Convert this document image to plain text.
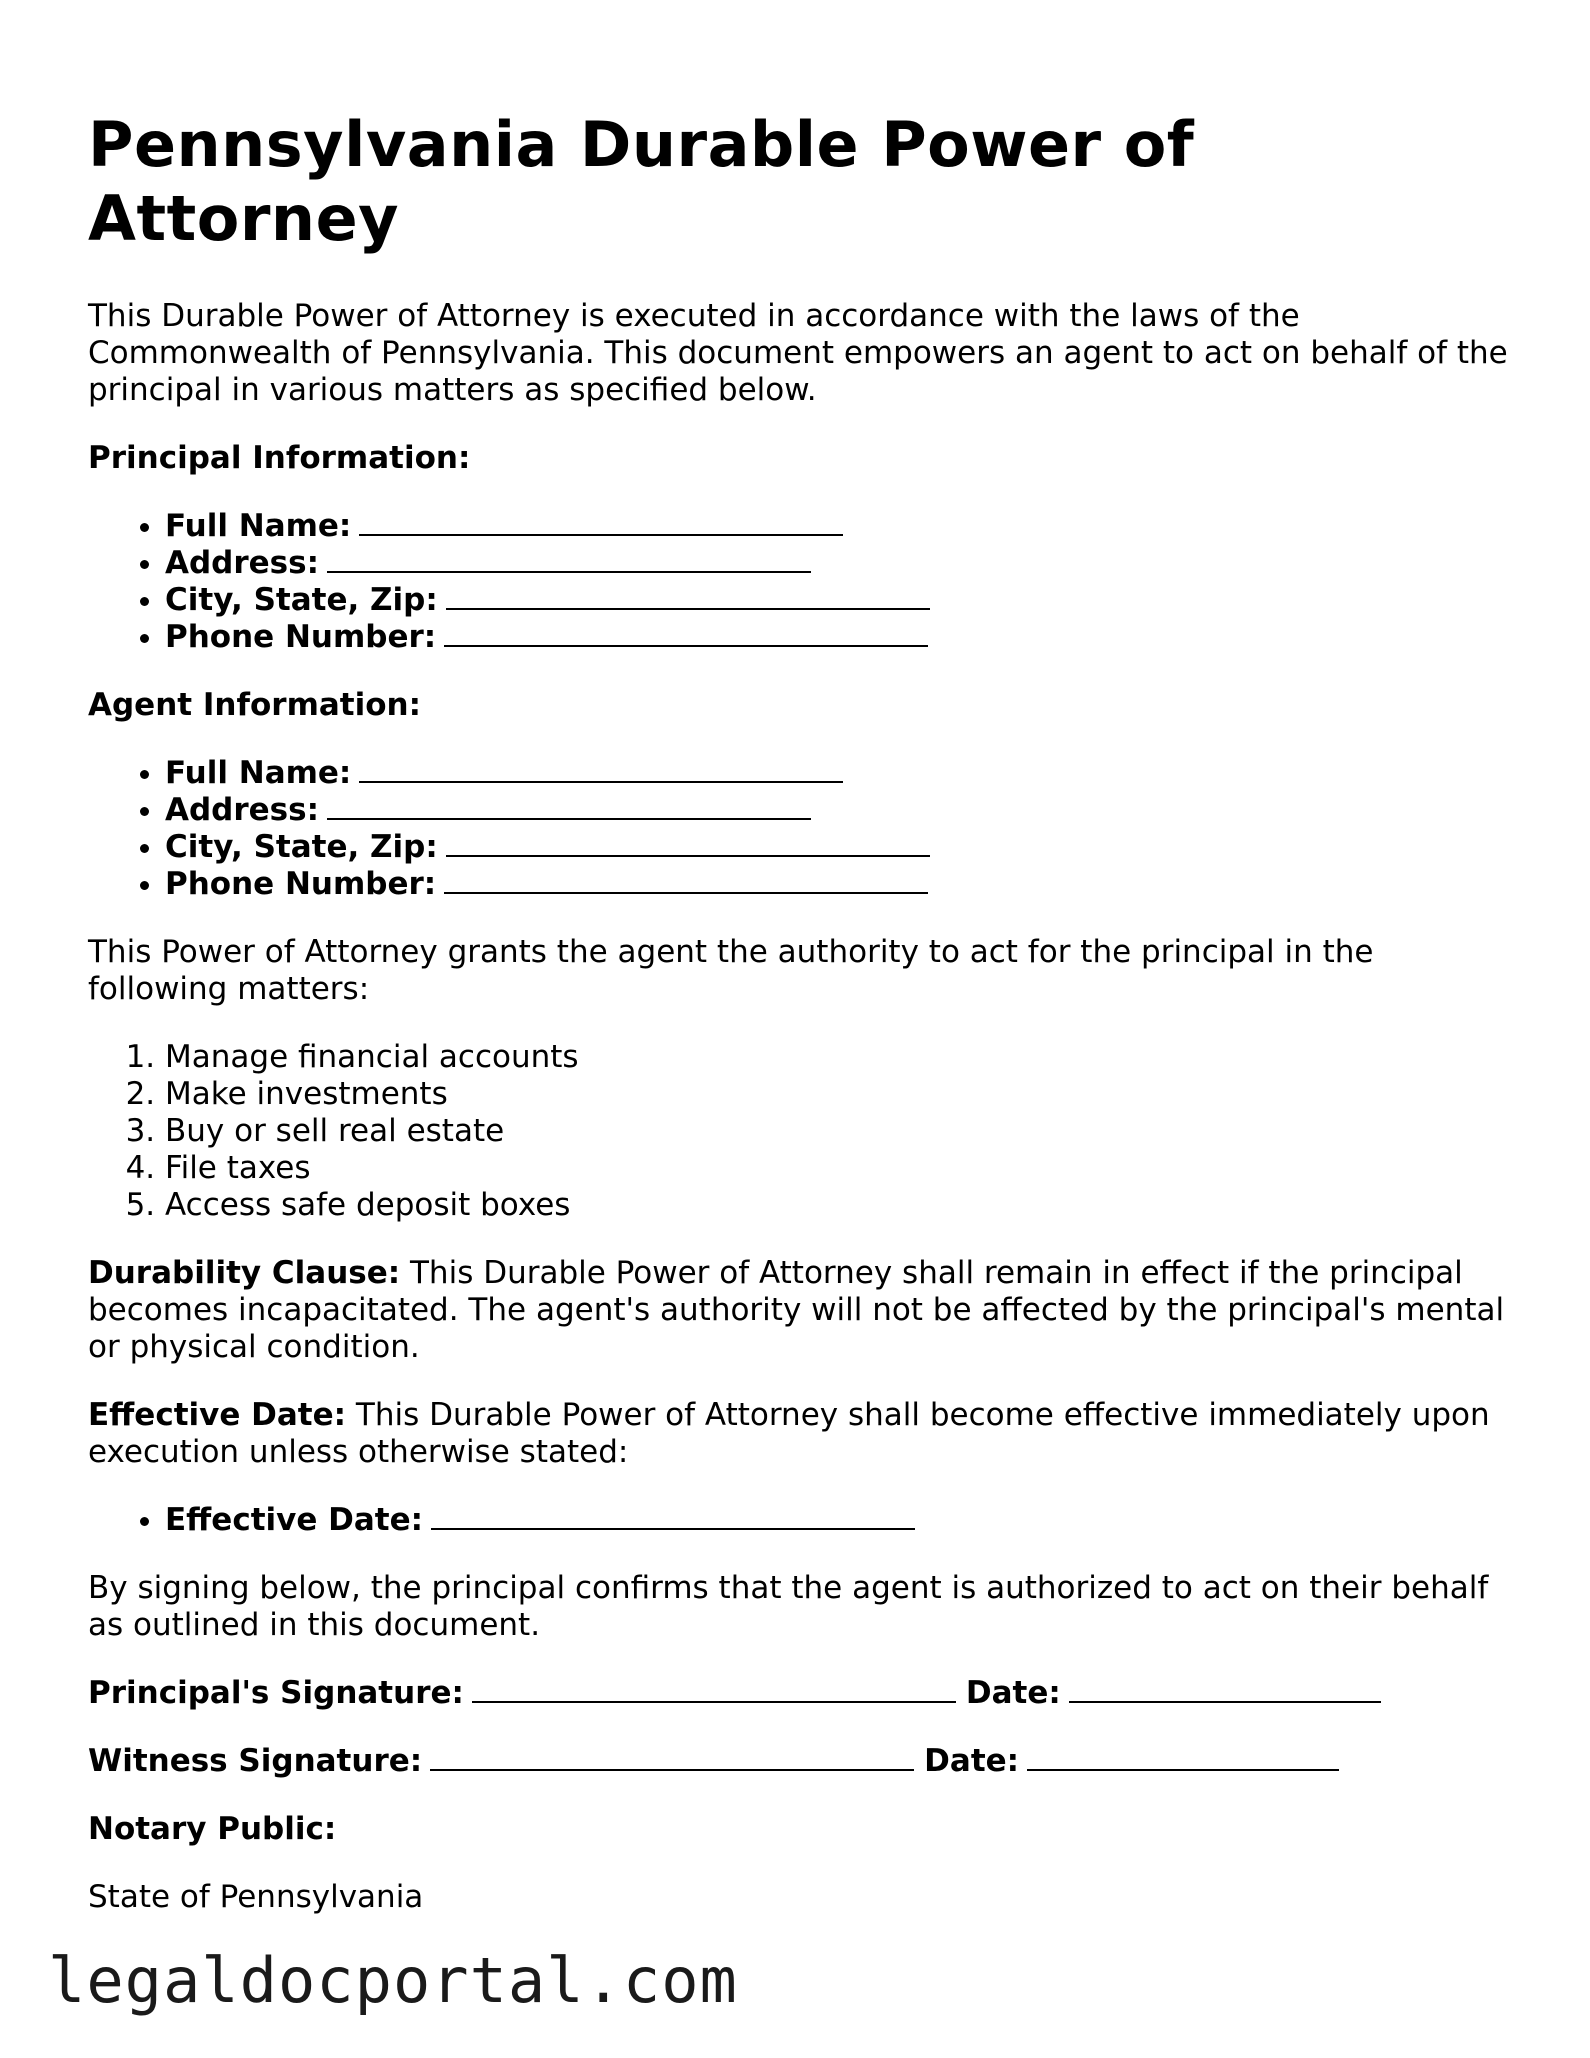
Pennsylvania Durable Power of Attorney

This Durable Power of Attorney is executed in accordance with the laws of the Commonwealth of Pennsylvania. This document empowers an agent to act on behalf of the principal in various matters as specified below.

Principal Information:

• Full Name:
• Address:
• City, State, Zip:
• Phone Number:

Agent Information:

• Full Name:
• Address:
• City, State, Zip:
• Phone Number:

This Power of Attorney grants the agent the authority to act for the principal in the following matters:

1. Manage financial accounts
2. Make investments
3. Buy or sell real estate
4. File taxes
5. Access safe deposit boxes

Durability Clause: This Durable Power of Attorney shall remain in effect if the principal becomes incapacitated. The agent's authority will not be affected by the principal's mental or physical condition.

Effective Date: This Durable Power of Attorney shall become effective immediately upon execution unless otherwise stated:

• Effective Date:

By signing below, the principal confirms that the agent is authorized to act on their behalf as outlined in this document.

Principal's Signature:	Date:

Witness Signature:	Date:

Notary Public:

State of Pennsylvania

legaldocportal.com
